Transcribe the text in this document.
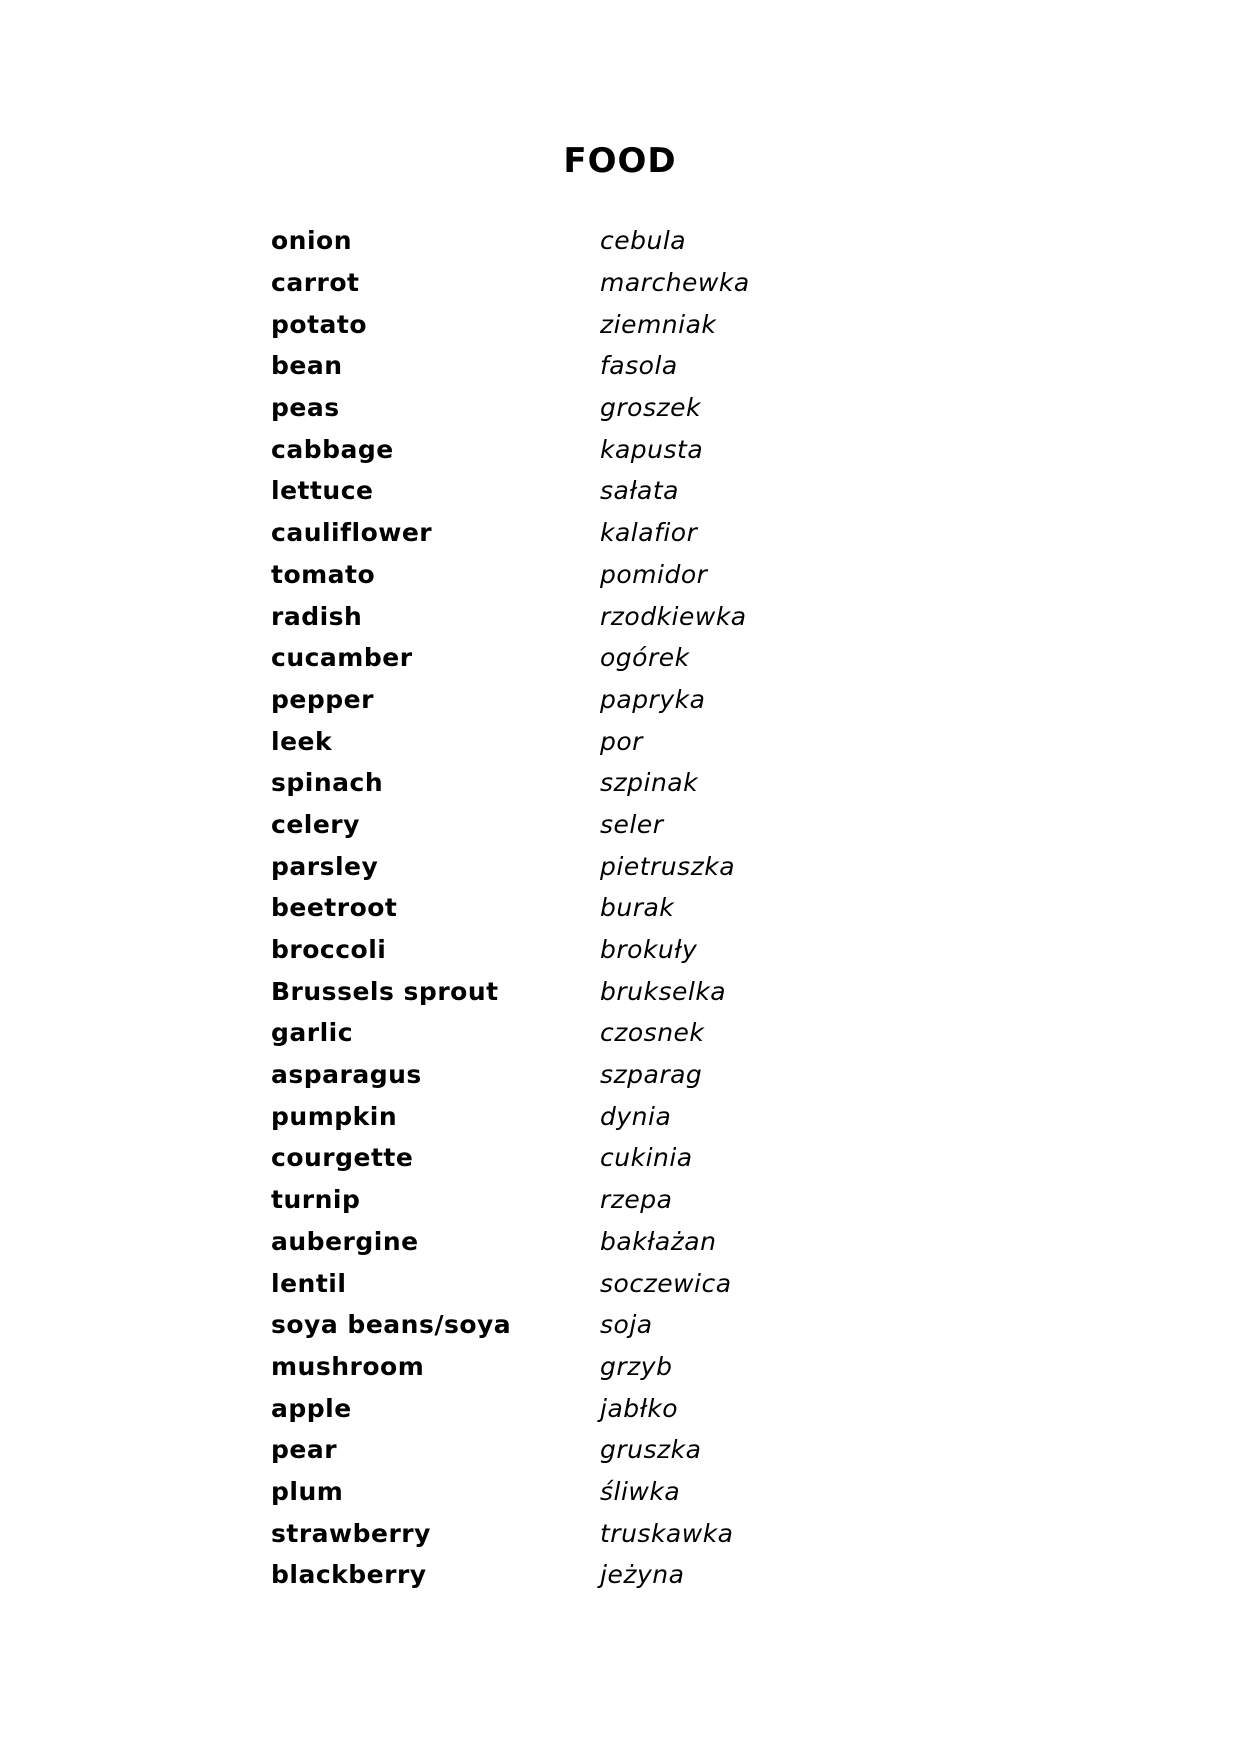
FOOD
onion	cebula
carrot	marchewka
potato	ziemniak
bean	fasola
peas	groszek
cabbage	kapusta
lettuce	sałata
cauliflower	kalafior
tomato	pomidor
radish	rzodkiewka
cucamber	ogórek
pepper	papryka
leek	por
spinach	szpinak
celery	seler
parsley	pietruszka
beetroot	burak
broccoli	brokuły
Brussels sprout	brukselka
garlic	czosnek
asparagus	szparag
pumpkin	dynia
courgette	cukinia
turnip	rzepa
aubergine	bakłażan
lentil	soczewica
soya beans/soya	soja
mushroom	grzyb
apple	jabłko
pear	gruszka
plum	śliwka
strawberry	truskawka
blackberry	jeżyna
